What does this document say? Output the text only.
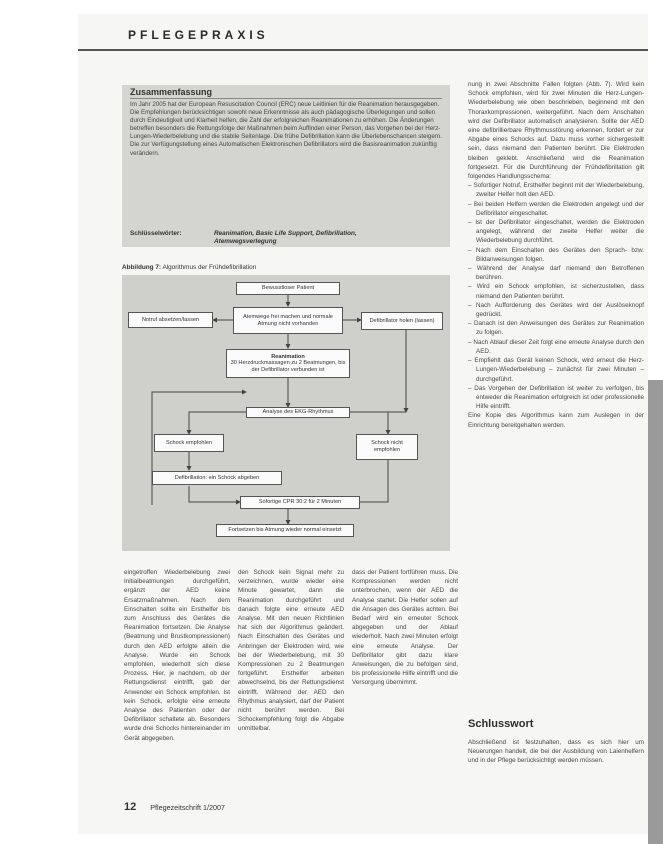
PFLEGEPRAXIS
Zusammenfassung
Im Jahr 2005 hat der European Resuscitation Council (ERC) neue Leitlinien für die Reanimation herausgegeben. Die Empfehlungen berücksichtigen sowohl neue Erkenntnisse als auch pädagogische Überlegungen und sollen durch Eindeutigkeit und Klarheit helfen, die Zahl der erfolgreichen Reanimationen zu erhöhen. Die Änderungen betreffen besonders die Rettungsfolge der Maßnahmen beim Auffinden einer Person, das Vorgehen bei der Herz-Lungen-Wiederbelebung und die stabile Seitenlage. Die frühe Defibrillation kann die Überlebenschancen steigern. Die zur Verfügungstellung eines Automatischen Elektronischen Defibrillators wird die Basisreanimation zukünftig verändern.
Schlüsselwörter:	Reanimation, Basic Life Support, Defibrillation, Atemwegsverlegung
Abbildung 7: Algorithmus der Frühdefibrillation
Bewusstloser Patient
Atemwege frei machen und normale Atmung nicht vorhanden
Notruf absetzen/lassen	Defibrillator holen (lassen)
Reanimation
30 Herzdruckmassagen zu 2 Beatmungen, bis der Defibrillator verbunden ist
Analyse des EKG-Rhythmus
Schock empfohlen	Schock nicht empfohlen
Defibrillation: ein Schock abgeben
Sofortige CPR 30:2 für 2 Minuten
Fortsetzen bis Atmung wieder normal einsetzt

nung in zwei Abschnitte Fallen folgten (Abb. 7). Wird kein Schock empfohlen, wird für zwei Minuten die Herz-Lungen-Wiederbelebung wie oben beschrieben, beginnend mit den Thoraxkompressionen, weitergeführt. Nach dem Anschalten wird der Defibrillator automatisch analysieren. Sollte der AED eine defibrillierbare Rhythmusstörung erkennen, fordert er zur Abgabe eines Schocks auf. Dazu muss vorher sichergestellt sein, dass niemand den Patienten berührt. Die Elektroden bleiben geklebt. Anschließend wird die Reanimation fortgesetzt. Für die Durchführung der Frühdefibrillation gilt folgendes Handlungsschema:

– Sofortiger Notruf, Ersthelfer beginnt mit der Wiederbelebung, zweiter Helfer holt den AED.
– Bei beiden Helfern werden die Elektroden angelegt und der Defibrillator eingeschaltet.
– Ist der Defibrillator eingeschaltet, werden die Elektroden angelegt, während der zweite Helfer weiter die Wiederbelebung durchführt.
– Nach dem Einschalten des Gerätes den Sprach- bzw. Bildanweisungen folgen.
– Während der Analyse darf niemand den Betroffenen berühren.
– Wird ein Schock empfohlen, ist sicherzustellen, dass niemand den Patienten berührt.
– Nach Aufforderung des Gerätes wird der Auslöseknopf gedrückt.
– Danach ist den Anweisungen des Gerätes zur Reanimation zu folgen.
– Nach Ablauf dieser Zeit folgt eine erneute Analyse durch den AED.
– Empfiehlt das Gerät keinen Schock, wird erneut die Herz-Lungen-Wiederbelebung – zunächst für zwei Minuten – durchgeführt.
– Das Vorgehen der Defibrillation ist weiter zu verfolgen, bis entweder die Reanimation erfolgreich ist oder professionelle Hilfe eintrifft.

Eine Kopie des Algorithmus kann zum Auslegen in der Einrichtung bereitgehalten werden.

eingetroffen Wiederbelebung zwei Initialbeatmungen durchgeführt, ergänzt der AED keine Ersatzmaßnahmen. Nach dem Einschalten sollte ein Ersthelfer bis zum Anschluss des Gerätes die Reanimation fortsetzen. Die Analyse (Beatmung und Brustkompressionen) durch den AED erfolgte allein die Analyse. Wurde ein Schock empfohlen, wiederholt sich diese Prozess. Hier, je nachdem, ob der Rettungsdienst eintrifft, gab der Anwender ein Schock empfohlen. Ist kein Schock, erfolgte eine erneute Analyse des Patienten oder der Defibrillator schaltete ab. Besonders wurde drei Schocks hintereinander im Gerät abgegeben.
den Schock kein Signal mehr zu verzeichnen, wurde wieder eine Minute gewartet, dann die Reanimation durchgeführt und danach folgte eine erneute AED Analyse. Mit den neuen Richtlinien hat sich der Algorithmus geändert. Nach Einschalten des Gerätes und Anbringen der Elektroden wird, wie bei der Wiederbelebung, mit 30 Kompressionen zu 2 Beatmungen fortgeführt. Ersthelfer arbeiten abwechselnd, bis der Rettungsdienst eintrifft. Während der AED den Rhythmus analysiert, darf der Patient nicht berührt werden. Bei Schockempfehlung folgt die Abgabe unmittelbar.
dass der Patient fortführen muss. Die Kompressionen werden nicht unterbrochen, wenn der AED die Analyse startet. Die Helfer sollen auf die Ansagen des Gerätes achten. Bei Bedarf wird ein erneuter Schock abgegeben und der Ablauf wiederholt. Nach zwei Minuten erfolgt eine erneute Analyse. Der Defibrillator gibt dazu klare Anweisungen, die zu befolgen sind, bis professionelle Hilfe eintrifft und die Versorgung übernimmt.
Schlusswort
Abschließend ist festzuhalten, dass es sich hier um Neuerungen handelt, die bei der Ausbildung von Laienhelfern und in der Pflege berücksichtigt werden müssen.
12 Pflegezeitschrift 1/2007
